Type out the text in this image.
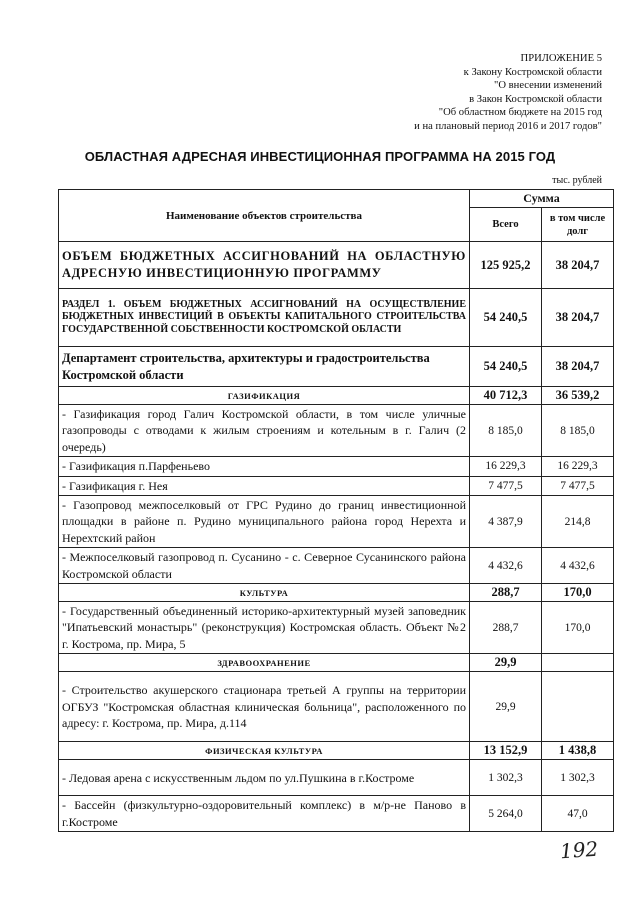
ПРИЛОЖЕНИЕ 5
к Закону Костромской области
"О внесении изменений
в Закон Костромской области
"Об областном бюджете на 2015 год
и на плановый период 2016 и 2017 годов"
ОБЛАСТНАЯ АДРЕСНАЯ ИНВЕСТИЦИОННАЯ ПРОГРАММА НА 2015 ГОД
тыс. рублей
Наименование объектов строительства	Сумма	
	Всего	в том числе долг
ОБЪЕМ БЮДЖЕТНЫХ АССИГНОВАНИЙ НА ОБЛАСТНУЮ АДРЕСНУЮ ИНВЕСТИЦИОННУЮ ПРОГРАММУ	125 925,2	38 204,7
РАЗДЕЛ 1. ОБЪЕМ БЮДЖЕТНЫХ АССИГНОВАНИЙ НА ОСУЩЕСТВЛЕНИЕ БЮДЖЕТНЫХ ИНВЕСТИЦИЙ В ОБЪЕКТЫ КАПИТАЛЬНОГО СТРОИТЕЛЬСТВА ГОСУДАРСТВЕННОЙ СОБСТВЕННОСТИ КОСТРОМСКОЙ ОБЛАСТИ	54 240,5	38 204,7
Департамент строительства, архитектуры и градостроительства Костромской области	54 240,5	38 204,7
ГАЗИФИКАЦИЯ	40 712,3	36 539,2
- Газификация город Галич Костромской области, в том числе уличные газопроводы с отводами к жилым строениям и котельным в г. Галич (2 очередь)	8 185,0	8 185,0
- Газификация п.Парфеньево	16 229,3	16 229,3
- Газификация г. Нея	7 477,5	7 477,5
- Газопровод межпоселковый от ГРС Рудино до границ инвестиционной площадки в районе п. Рудино муниципального района город Нерехта и Нерехтский район	4 387,9	214,8
- Межпоселковый газопровод п. Сусанино - с. Северное Сусанинского района Костромской области	4 432,6	4 432,6
КУЛЬТУРА	288,7	170,0
- Государственный объединенный историко-архитектурный музей заповедник "Ипатьевский монастырь" (реконструкция) Костромская область. Объект №2 г. Кострома, пр. Мира, 5	288,7	170,0
ЗДРАВООХРАНЕНИЕ	29,9	
- Строительство акушерского стационара третьей А группы на территории ОГБУЗ "Костромская областная клиническая больница", расположенного по адресу: г. Кострома, пр. Мира, д.114	29,9	
ФИЗИЧЕСКАЯ КУЛЬТУРА	13 152,9	1 438,8
- Ледовая арена с искусственным льдом по ул.Пушкина в г.Костроме	1 302,3	1 302,3
- Бассейн (физкультурно-оздоровительный комплекс) в м/р-не Паново в г.Костроме	5 264,0	47,0
192
